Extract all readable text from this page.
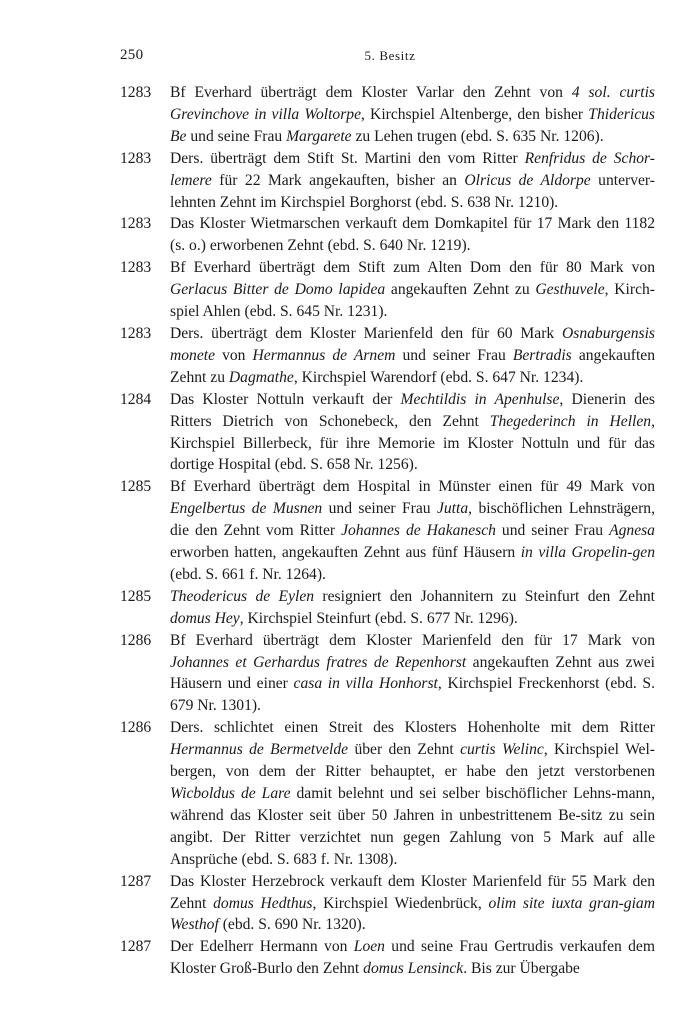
250	5. Besitz
1283	Bf Everhard überträgt dem Kloster Varlar den Zehnt von 4 sol. curtis Grevinchove in villa Woltorpe, Kirchspiel Altenberge, den bisher Thidericus Be und seine Frau Margarete zu Lehen trugen (ebd. S. 635 Nr. 1206).
1283	Ders. überträgt dem Stift St. Martini den vom Ritter Renfridus de Schor-lemere für 22 Mark angekauften, bisher an Olricus de Aldorpe unterver-lehnten Zehnt im Kirchspiel Borghorst (ebd. S. 638 Nr. 1210).
1283	Das Kloster Wietmarschen verkauft dem Domkapitel für 17 Mark den 1182 (s. o.) erworbenen Zehnt (ebd. S. 640 Nr. 1219).
1283	Bf Everhard überträgt dem Stift zum Alten Dom den für 80 Mark von Gerlacus Bitter de Domo lapidea angekauften Zehnt zu Gesthuvele, Kirch-spiel Ahlen (ebd. S. 645 Nr. 1231).
1283	Ders. überträgt dem Kloster Marienfeld den für 60 Mark Osnaburgensis monete von Hermannus de Arnem und seiner Frau Bertradis angekauften Zehnt zu Dagmathe, Kirchspiel Warendorf (ebd. S. 647 Nr. 1234).
1284	Das Kloster Nottuln verkauft der Mechtildis in Apenhulse, Dienerin des Ritters Dietrich von Schonebeck, den Zehnt Thegederinch in Hellen, Kirchspiel Billerbeck, für ihre Memorie im Kloster Nottuln und für das dortige Hospital (ebd. S. 658 Nr. 1256).
1285	Bf Everhard überträgt dem Hospital in Münster einen für 49 Mark von Engelbertus de Musnen und seiner Frau Jutta, bischöflichen Lehnsträgern, die den Zehnt vom Ritter Johannes de Hakanesch und seiner Frau Agnesa erworben hatten, angekauften Zehnt aus fünf Häusern in villa Gropelin-gen (ebd. S. 661 f. Nr. 1264).
1285	Theodericus de Eylen resigniert den Johannitern zu Steinfurt den Zehnt domus Hey, Kirchspiel Steinfurt (ebd. S. 677 Nr. 1296).
1286	Bf Everhard überträgt dem Kloster Marienfeld den für 17 Mark von Johannes et Gerhardus fratres de Repenhorst angekauften Zehnt aus zwei Häusern und einer casa in villa Honhorst, Kirchspiel Freckenhorst (ebd. S. 679 Nr. 1301).
1286	Ders. schlichtet einen Streit des Klosters Hohenholte mit dem Ritter Hermannus de Bermetvelde über den Zehnt curtis Welinc, Kirchspiel Wel-bergen, von dem der Ritter behauptet, er habe den jetzt verstorbenen Wicboldus de Lare damit belehnt und sei selber bischöflicher Lehns-mann, während das Kloster seit über 50 Jahren in unbestrittenem Be-sitz zu sein angibt. Der Ritter verzichtet nun gegen Zahlung von 5 Mark auf alle Ansprüche (ebd. S. 683 f. Nr. 1308).
1287	Das Kloster Herzebrock verkauft dem Kloster Marienfeld für 55 Mark den Zehnt domus Hedthus, Kirchspiel Wiedenbrück, olim site iuxta gran-giam Westhof (ebd. S. 690 Nr. 1320).
1287	Der Edelherr Hermann von Loen und seine Frau Gertrudis verkaufen dem Kloster Groß-Burlo den Zehnt domus Lensinck. Bis zur Übergabe
